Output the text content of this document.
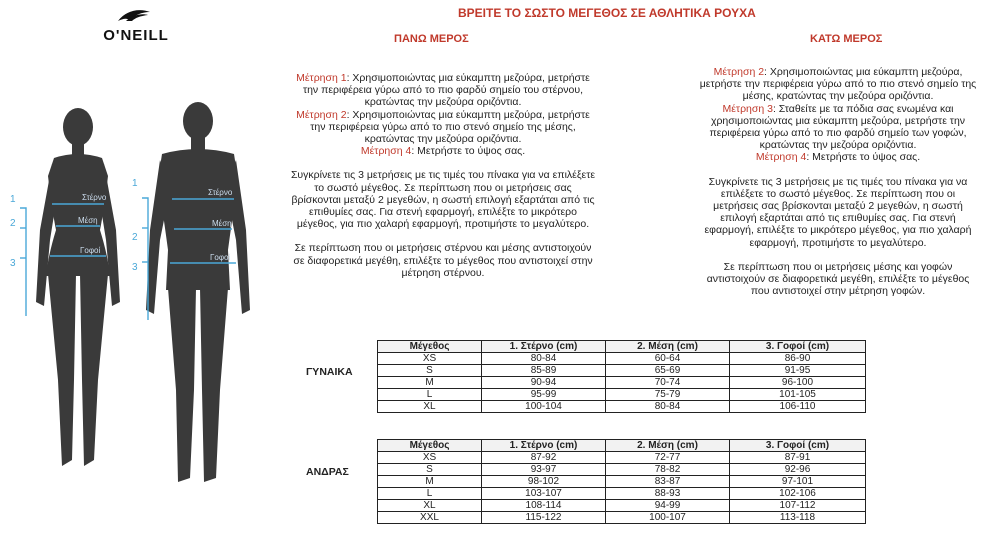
O'NEILL
ΒΡΕΙΤΕ ΤΟ ΣΩΣΤΟ ΜΕΓΕΘΟΣ ΣΕ ΑΘΛΗΤΙΚΑ ΡΟΥΧΑ
ΠΑΝΩ ΜΕΡΟΣ	ΚΑΤΩ ΜΕΡΟΣ
1
2
3
Στέρνο
Μέση
Γοφοί
1
2
3
Στέρνο
Μέση
Γοφοί

Μέτρηση 1: Χρησιμοποιώντας μια εύκαμπτη μεζούρα, μετρήστε την περιφέρεια γύρω από το πιο φαρδύ σημείο του στέρνου, κρατώντας την μεζούρα οριζόντια.
Μέτρηση 2: Χρησιμοποιώντας μια εύκαμπτη μεζούρα, μετρήστε την περιφέρεια γύρω από το πιο στενό σημείο της μέσης, κρατώντας την μεζούρα οριζόντια.
Μέτρηση 4: Μετρήστε το ύψος σας.

Συγκρίνετε τις 3 μετρήσεις με τις τιμές του πίνακα για να επιλέξετε το σωστό μέγεθος. Σε περίπτωση που οι μετρήσεις σας βρίσκονται μεταξύ 2 μεγεθών, η σωστή επιλογή εξαρτάται από τις επιθυμίες σας. Για στενή εφαρμογή, επιλέξτε το μικρότερο μέγεθος, για πιο χαλαρή εφαρμογή, προτιμήστε το μεγαλύτερο.

Σε περίπτωση που οι μετρήσεις στέρνου και μέσης αντιστοιχούν σε διαφορετικά μεγέθη, επιλέξτε το μέγεθος που αντιστοιχεί στην μέτρηση στέρνου.

Μέτρηση 2: Χρησιμοποιώντας μια εύκαμπτη μεζούρα, μετρήστε την περιφέρεια γύρω από το πιο στενό σημείο της μέσης, κρατώντας την μεζούρα οριζόντια.
Μέτρηση 3: Σταθείτε με τα πόδια σας ενωμένα και χρησιμοποιώντας μια εύκαμπτη μεζούρα, μετρήστε την περιφέρεια γύρω από το πιο φαρδύ σημείο των γοφών, κρατώντας την μεζούρα οριζόντια.
Μέτρηση 4: Μετρήστε το ύψος σας.

Συγκρίνετε τις 3 μετρήσεις με τις τιμές του πίνακα για να επιλέξετε το σωστό μέγεθος. Σε περίπτωση που οι μετρήσεις σας βρίσκονται μεταξύ 2 μεγεθών, η σωστή επιλογή εξαρτάται από τις επιθυμίες σας. Για στενή εφαρμογή, επιλέξτε το μικρότερο μέγεθος, για πιο χαλαρή εφαρμογή, προτιμήστε το μεγαλύτερο.

Σε περίπτωση που οι μετρήσεις μέσης και γοφών αντιστοιχούν σε διαφορετικά μεγέθη, επιλέξτε το μέγεθος που αντιστοιχεί στην μέτρηση γοφών.

ΓΥΝΑΙΚΑ
Μέγεθος	1. Στέρνο (cm)	2. Μέση (cm)	3. Γοφοί (cm)
XS	80-84	60-64	86-90
S	85-89	65-69	91-95
M	90-94	70-74	96-100
L	95-99	75-79	101-105
XL	100-104	80-84	106-110
ΑΝΔΡΑΣ
Μέγεθος	1. Στέρνο (cm)	2. Μέση (cm)	3. Γοφοί (cm)
XS	87-92	72-77	87-91
S	93-97	78-82	92-96
M	98-102	83-87	97-101
L	103-107	88-93	102-106
XL	108-114	94-99	107-112
XXL	115-122	100-107	113-118
